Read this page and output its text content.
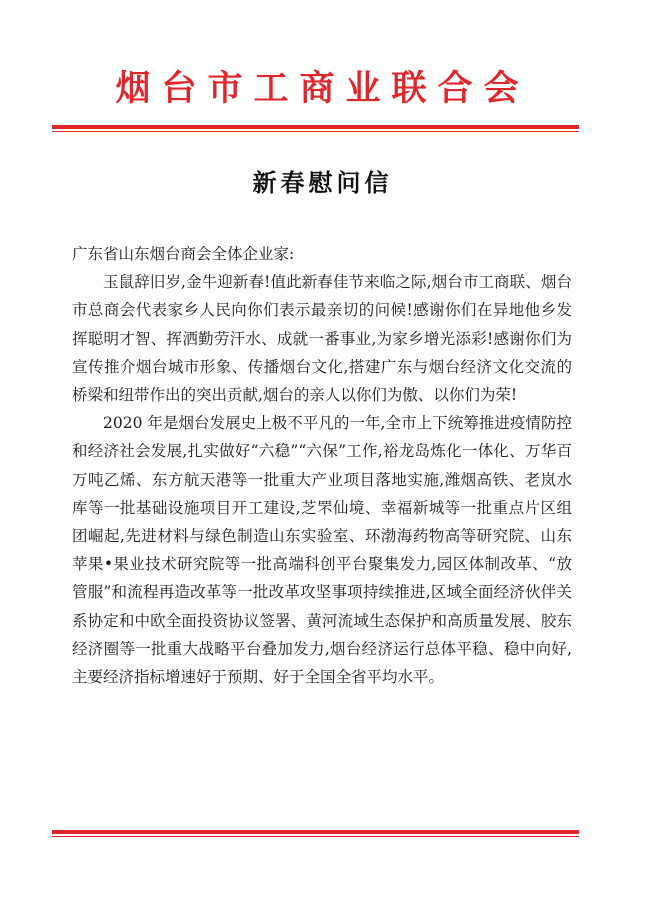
烟台市工商业联合会
新春慰问信

广东省山东烟台商会全体企业家:

玉鼠辞旧岁,金牛迎新春!值此新春佳节来临之际,烟台市工商联、烟台市总商会代表家乡人民向你们表示最亲切的问候!感谢你们在异地他乡发挥聪明才智、挥洒勤劳汗水、成就一番事业,为家乡增光添彩!感谢你们为宣传推介烟台城市形象、传播烟台文化,搭建广东与烟台经济文化交流的桥梁和纽带作出的突出贡献,烟台的亲人以你们为傲、以你们为荣!

2020 年是烟台发展史上极不平凡的一年,全市上下统筹推进疫情防控和经济社会发展,扎实做好“六稳”“六保”工作,裕龙岛炼化一体化、万华百万吨乙烯、东方航天港等一批重大产业项目落地实施,潍烟高铁、老岚水库等一批基础设施项目开工建设,芝罘仙境、幸福新城等一批重点片区组团崛起,先进材料与绿色制造山东实验室、环渤海药物高等研究院、山东苹果•果业技术研究院等一批高端科创平台聚集发力,园区体制改革、“放管服”和流程再造改革等一批改革攻坚事项持续推进,区域全面经济伙伴关系协定和中欧全面投资协议签署、黄河流域生态保护和高质量发展、胶东经济圈等一批重大战略平台叠加发力,烟台经济运行总体平稳、稳中向好,主要经济指标增速好于预期、好于全国全省平均水平。
